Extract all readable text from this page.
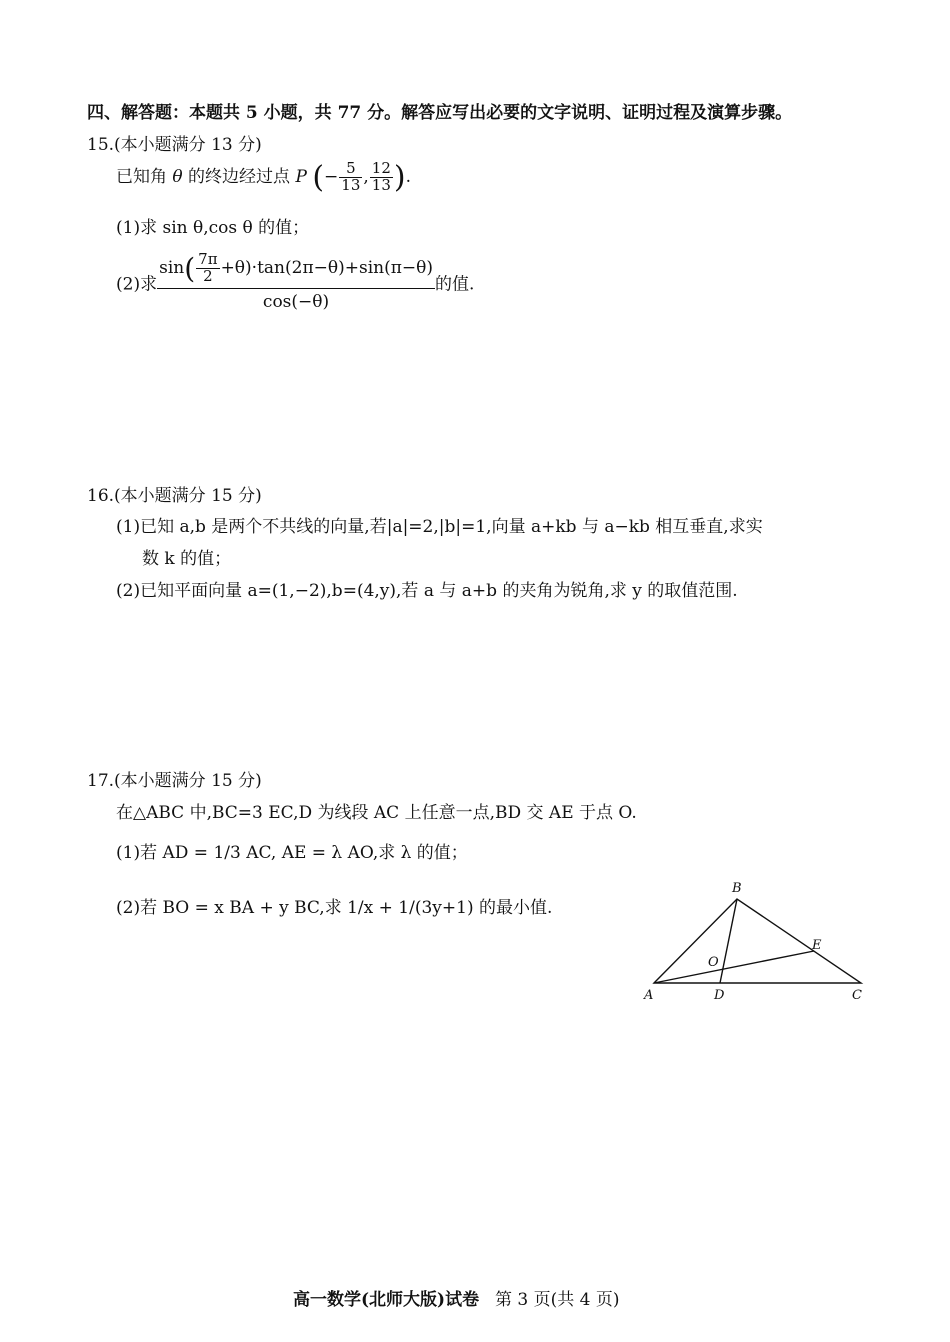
四、解答题：本题共 5 小题，共 77 分。解答应写出必要的文字说明、证明过程及演算步骤。
15.(本小题满分 13 分)
已知角 θ 的终边经过点 P (− $\frac{5}{13}$ , $\frac{12}{13}$ ).
(1)求 sin θ,cos θ 的值；
(2)求 $\frac{\sin( \frac{7\pi}{2} +\theta)\cdot\tan(2\pi-\theta)+\sin(\pi-\theta)}{\cos(-\theta)}$ 的值.
16.(本小题满分 15 分)
(1)已知 a,b 是两个不共线的向量,若|a|=2,|b|=1,向量 a+kb 与 a−kb 相互垂直,求实
数 k 的值；
(2)已知平面向量 a=(1,−2),b=(4,y),若 a 与 a+b 的夹角为锐角,求 y 的取值范围.
17.(本小题满分 15 分)
在△ABC 中,BC=3 EC,D 为线段 AC 上任意一点,BD 交 AE 于点 O.
(1)若 AD = 1/3 AC, AE = λ AO,求 λ 的值；
(2)若 BO = x BA + y BC,求 1/x + 1/(3y+1) 的最小值.
A
B
C
D
E
O
高一数学(北师大版)试卷 第 3 页(共 4 页)
